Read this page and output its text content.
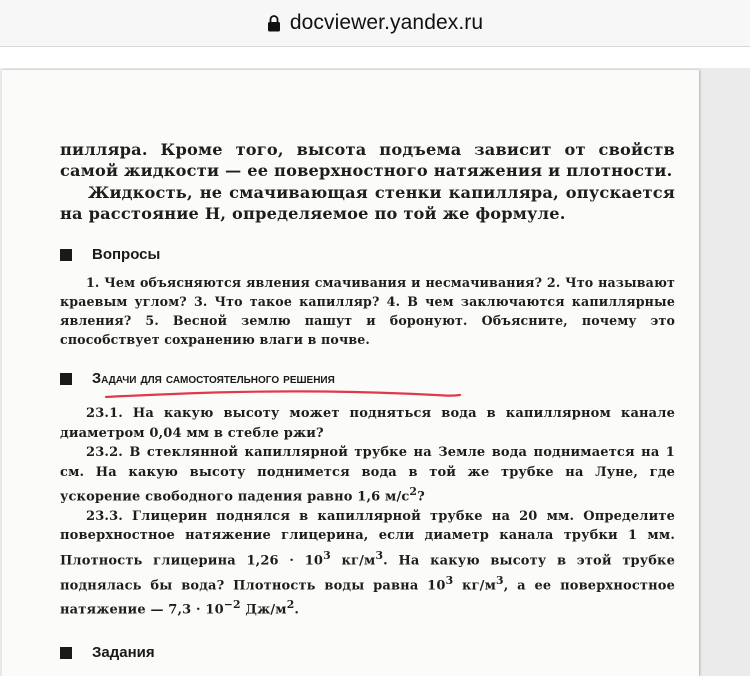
docviewer.yandex.ru

пилляра. Кроме того, высота подъема зависит от свойств самой жидкости — ее поверхностного натяжения и плотности.

Жидкость, не смачивающая стенки капилляра, опускается на расстояние H, определяемое по той же формуле.

Вопросы

1. Чем объясняются явления смачивания и несмачивания? 2. Что называют краевым углом? 3. Что такое капилляр? 4. В чем заключаются капиллярные явления? 5. Весной землю пашут и боронуют. Объясните, почему это способствует сохранению влаги в почве.

Задачи для самостоятельного решения

23.1. На какую высоту может подняться вода в капиллярном канале диаметром 0,04 мм в стебле ржи?

23.2. В стеклянной капиллярной трубке на Земле вода поднимается на 1 см. На какую высоту поднимется вода в той же трубке на Луне, где ускорение свободного падения равно 1,6 $м/с^2$?

23.3. Глицерин поднялся в капиллярной трубке на 20 мм. Определите поверхностное натяжение глицерина, если диаметр канала трубки 1 мм. Плотность глицерина $1,26 \cdot 10^3$ $кг/м^3$. На какую высоту в этой трубке поднялась бы вода? Плотность воды равна $10^3$ $кг/м^3$, а ее поверхностное натяжение — $7,3 \cdot 10^{-2}$ $Дж/м^2$.

Задания
